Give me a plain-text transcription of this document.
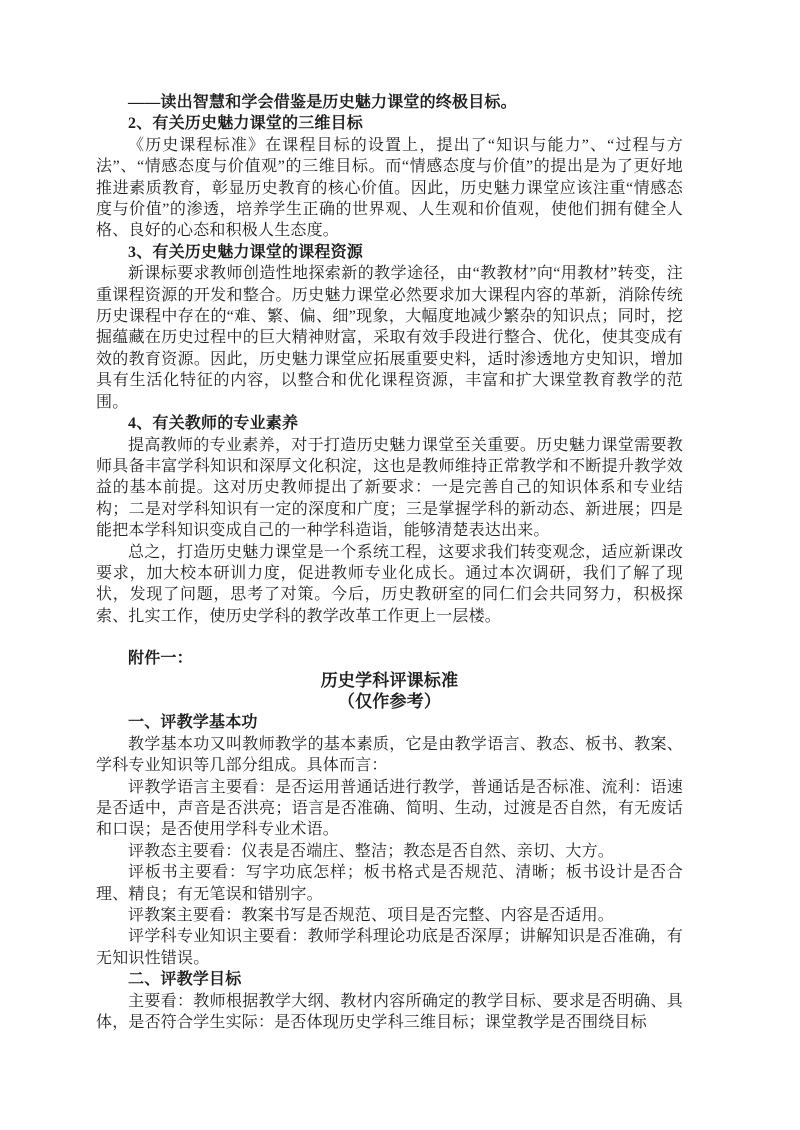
——读出智慧和学会借鉴是历史魅力课堂的终极目标。

2、有关历史魅力课堂的三维目标

《历史课程标准》在课程目标的设置上，提出了“知识与能力”、“过程与方法”、“情感态度与价值观”的三维目标。而“情感态度与价值”的提出是为了更好地推进素质教育，彰显历史教育的核心价值。因此，历史魅力课堂应该注重“情感态度与价值”的渗透，培养学生正确的世界观、人生观和价值观，使他们拥有健全人格、良好的心态和积极人生态度。

3、有关历史魅力课堂的课程资源

新课标要求教师创造性地探索新的教学途径，由“教教材”向“用教材”转变，注重课程资源的开发和整合。历史魅力课堂必然要求加大课程内容的革新，消除传统历史课程中存在的“难、繁、偏、细”现象，大幅度地减少繁杂的知识点；同时，挖掘蕴藏在历史过程中的巨大精神财富，采取有效手段进行整合、优化，使其变成有效的教育资源。因此，历史魅力课堂应拓展重要史料，适时渗透地方史知识，增加具有生活化特征的内容，以整合和优化课程资源，丰富和扩大课堂教育教学的范围。

4、有关教师的专业素养

提高教师的专业素养，对于打造历史魅力课堂至关重要。历史魅力课堂需要教师具备丰富学科知识和深厚文化积淀，这也是教师维持正常教学和不断提升教学效益的基本前提。这对历史教师提出了新要求：一是完善自己的知识体系和专业结构；二是对学科知识有一定的深度和广度；三是掌握学科的新动态、新进展；四是能把本学科知识变成自己的一种学科造诣，能够清楚表达出来。

总之，打造历史魅力课堂是一个系统工程，这要求我们转变观念，适应新课改要求，加大校本研训力度，促进教师专业化成长。通过本次调研，我们了解了现状，发现了问题，思考了对策。今后，历史教研室的同仁们会共同努力，积极探索、扎实工作，使历史学科的教学改革工作更上一层楼。

附件一：

历史学科评课标准

（仅作参考）

一、评教学基本功

教学基本功又叫教师教学的基本素质，它是由教学语言、教态、板书、教案、学科专业知识等几部分组成。具体而言：

评教学语言主要看：是否运用普通话进行教学，普通话是否标准、流利：语速是否适中，声音是否洪亮；语言是否准确、简明、生动，过渡是否自然，有无废话和口误；是否使用学科专业术语。

评教态主要看：仪表是否端庄、整洁；教态是否自然、亲切、大方。

评板书主要看：写字功底怎样；板书格式是否规范、清晰；板书设计是否合理、精良；有无笔误和错别字。

评教案主要看：教案书写是否规范、项目是否完整、内容是否适用。

评学科专业知识主要看：教师学科理论功底是否深厚；讲解知识是否准确，有无知识性错误。

二、评教学目标

主要看：教师根据教学大纲、教材内容所确定的教学目标、要求是否明确、具体，是否符合学生实际：是否体现历史学科三维目标；课堂教学是否围绕目标
